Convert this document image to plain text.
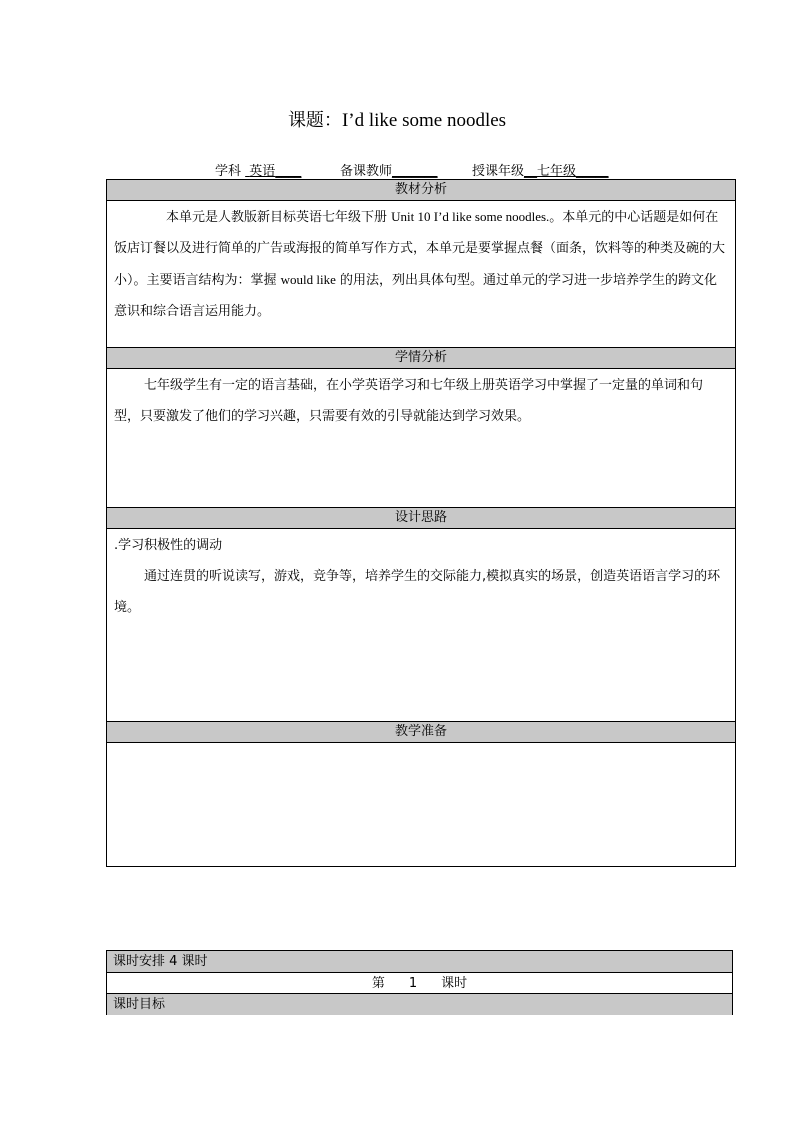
课题：I’d like some noodles
学科 英语____	备课教师_______	授课年级__七年级_____
教材分析

本单元是人教版新目标英语七年级下册 Unit 10 I’d like some noodles.。本单元的中心话题是如何在饭店订餐以及进行简单的广告或海报的简单写作方式，本单元是要掌握点餐（面条，饮料等的种类及碗的大小）。主要语言结构为：掌握 would like 的用法，列出具体句型。通过单元的学习进一步培养学生的跨文化意识和综合语言运用能力。

学情分析

七年级学生有一定的语言基础，在小学英语学习和七年级上册英语学习中掌握了一定量的单词和句型，只要激发了他们的学习兴趣，只需要有效的引导就能达到学习效果。

设计思路

.学习积极性的调动

通过连贯的听说读写，游戏，竞争等，培养学生的交际能力,模拟真实的场景，创造英语语言学习的环境。

教学准备
课时安排 4 课时
第 1 课时
课时目标
